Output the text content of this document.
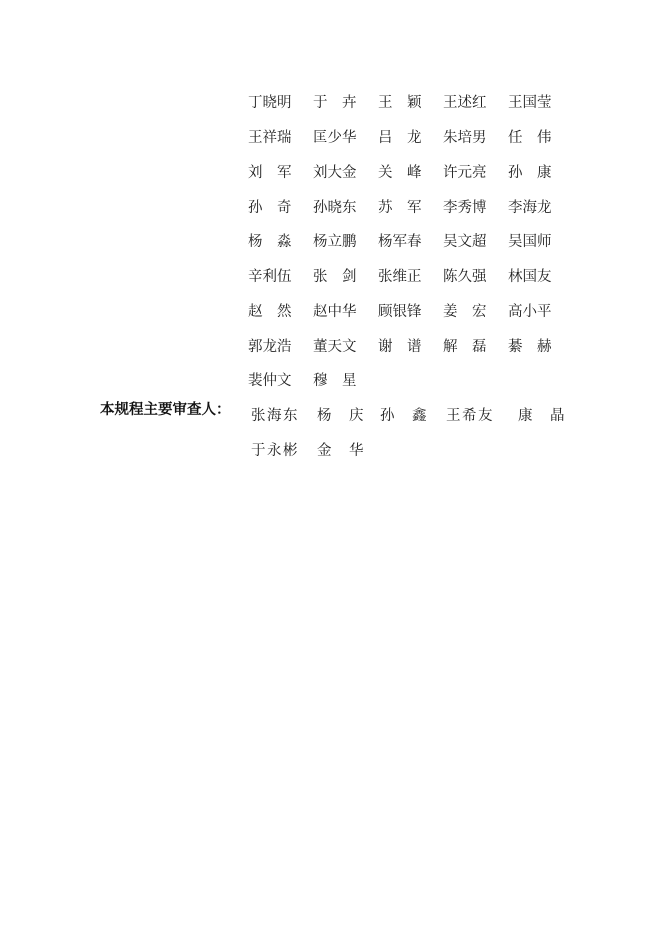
丁晓明	于　卉	王　颖	王述红	王国莹
王祥瑞	匡少华	吕　龙	朱培男	任　伟
刘　军	刘大金	关　峰	许元亮	孙　康
孙　奇	孙晓东	苏　军	李秀博	李海龙
杨　淼	杨立鹏	杨军春	吴文超	吴国师
辛利伍	张　剑	张维正	陈久强	林国友
赵　然	赵中华	顾银锋	姜　宏	高小平
郭龙浩	董天文	谢　谱	解　磊	綦　赫
裴仲文	穆　星
本规程主要审查人： 张海东	杨　庆	孙　鑫	王希友	康　晶
于永彬	金　华
